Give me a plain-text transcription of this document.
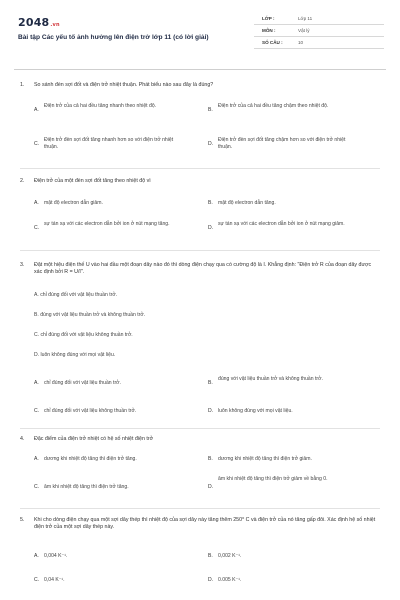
2048.vn
Bài tập Các yếu tố ảnh hưởng lên điện trở lớp 11 (có lời giải)
LỚP :	Lớp 11
MÔN :	Vật lý
SỐ CÂU :	10
1. So sánh đèn sợi đốt và điện trở nhiệt thuận. Phát biểu nào sau đây là đúng?
A.
Điện trở của cả hai đều tăng nhanh theo nhiệt độ.
B.
Điện trở của cả hai đều tăng chậm theo nhiệt độ.
C.
Điện trở đèn sợi đốt tăng nhanh hơn so với điện trở nhiệt thuận.
D.
Điện trở đèn sợi đốt tăng chậm hơn so với điện trở nhiệt thuận.
2. Điện trở của một đèn sợi đốt tăng theo nhiệt độ vì
A. mật độ electron dẫn giảm.	B. mật độ electron dẫn tăng.
C.
sự tán xạ với các electron dẫn bởi ion ở nút mạng tăng.
D.
sự tán xạ với các electron dẫn bởi ion ở nút mạng giảm.
3. Đặt một hiệu điện thế U vào hai đầu một đoạn dây nào đó thì dòng điện chạy qua có cường độ là I. Khẳng định: "Điện trở R của đoạn dây được xác định bởi R = U/I".
A. chỉ đúng đối với vật liệu thuần trở.
B. đúng với vật liệu thuần trở và không thuần trở.
C. chỉ đúng đối với vật liệu không thuần trở.
D. luôn không đúng với mọi vật liệu.
A. chỉ đúng đối với vật liệu thuần trở.	B.
đúng với vật liệu thuần trở và không thuần trở.
C. chỉ đúng đối với vật liệu không thuần trở.	D. luôn không đúng với mọi vật liệu.
4. Đặc điểm của điện trở nhiệt có hệ số nhiệt điện trở
A. dương khi nhiệt độ tăng thì điện trở tăng.	B. dương khi nhiệt độ tăng thì điện trở giảm.
C. âm khi nhiệt độ tăng thì điện trở tăng.	D.
âm khi nhiệt độ tăng thì điện trở giảm về bằng 0.
5. Khi cho dòng điện chạy qua một sợi dây thép thì nhiệt độ của sợi dây này tăng thêm 250⁰ C và điện trở của nó tăng gấp đôi. Xác định hệ số nhiệt điện trở của một sợi dây thép này.
A. 0,004 K⁻¹.	B. 0,002 K⁻¹.
C. 0,04 K⁻¹.	D. 0.005 K⁻¹.
